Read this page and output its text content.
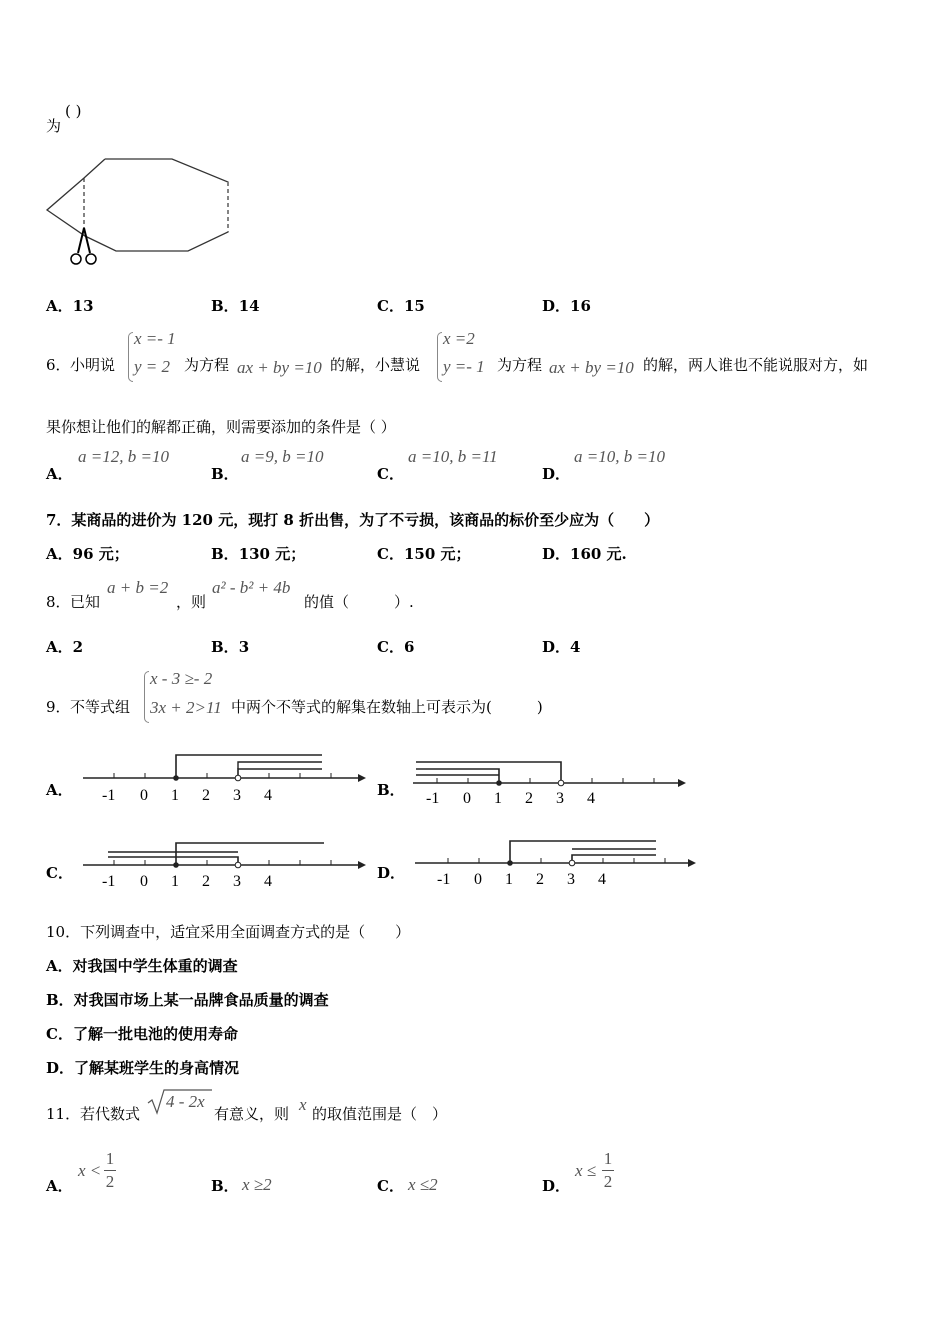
为
( )
A．13	B．14	C．15	D．16
6． 小明说
x =- 1
y = 2 为方程 ax + by =10 的解，小慧说
x =2
y =- 1 为方程 ax + by =10 的解，两人谁也不能说服对方，如
果你想让他们的解都正确，则需要添加的条件是（ ）
A．
a =12, b =10
B．
a =9, b =10
C．
a =10, b =11
D．
a =10, b =10
7．某商品的进价为 120 元，现打 8 折出售，为了不亏损，该商品的标价至少应为（　　）
A．96 元；	B．130 元；	C．150 元；	D．160 元.
8． 已知
a + b =2
，则
a² - b² + 4b
的值（　　　）.
A．2	B．3	C．6	D．4
9． 不等式组
x - 3 ≥- 2
3x + 2>11 中两个不等式的解集在数轴上可表示为(　　　)
A． -1 0 1 2 3 4	B． -1 0 1 2 3 4
C． -1 0 1 2 3 4	D． -1 0 1 2 3 4
10．下列调查中，适宜采用全面调查方式的是（　　）
A．对我国中学生体重的调查
B．对我国市场上某一品牌食品质量的调查
C．了解一批电池的使用寿命
D．了解某班学生的身高情况
11． 若代数式
4 - 2x
有意义，则 x 的取值范围是（　）
A．
x <
1
2	B． x ≥2	C． x ≤2	D．
x ≤
1
2
